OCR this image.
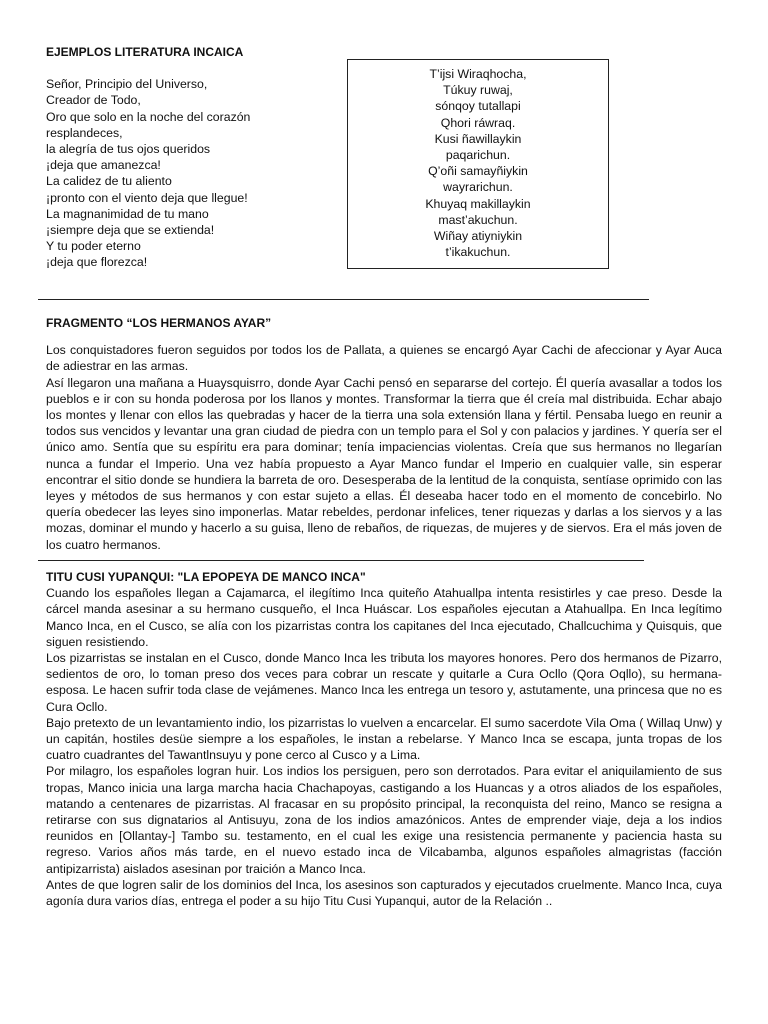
EJEMPLOS LITERATURA INCAICA

Señor, Principio del Universo,
Creador de Todo,
Oro que solo en la noche del corazón
resplandeces,
la alegría de tus ojos queridos
¡deja que amanezca!
La calidez de tu aliento
¡pronto con el viento deja que llegue!
La magnanimidad de tu mano
¡siempre deja que se extienda!
Y tu poder eterno
¡deja que florezca!
T’ijsi Wiraqhocha,
Túkuy ruwaj,
sónqoy tutallapi
Qhori ráwraq.
Kusi ñawillaykin
paqarichun.
Q’oñi samayñiykin
wayrarichun.
Khuyaq makillaykin
mast’akuchun.
Wiñay atiyniykin
t’ikakuchun.

FRAGMENTO “LOS HERMANOS AYAR”

Los conquistadores fueron seguidos por todos los de Pallata, a quienes se encargó Ayar Cachi de afeccionar y Ayar Auca de adiestrar en las armas.

Así llegaron una mañana a Huaysquisrro, donde Ayar Cachi pensó en separarse del cortejo. Él quería avasallar a todos los pueblos e ir con su honda poderosa por los llanos y montes. Transformar la tierra que él creía mal distribuida. Echar abajo los montes y llenar con ellos las quebradas y hacer de la tierra una sola extensión llana y fértil. Pensaba luego en reunir a todos sus vencidos y levantar una gran ciudad de piedra con un templo para el Sol y con palacios y jardines. Y quería ser el único amo. Sentía que su espíritu era para dominar; tenía impaciencias violentas. Creía que sus hermanos no llegarían nunca a fundar el Imperio. Una vez había propuesto a Ayar Manco fundar el Imperio en cualquier valle, sin esperar encontrar el sitio donde se hundiera la barreta de oro. Desesperaba de la lentitud de la conquista, sentíase oprimido con las leyes y métodos de sus hermanos y con estar sujeto a ellas. Él deseaba hacer todo en el momento de concebirlo. No quería obedecer las leyes sino imponerlas. Matar rebeldes, perdonar infelices, tener riquezas y darlas a los siervos y a las mozas, dominar el mundo y hacerlo a su guisa, lleno de rebaños, de riquezas, de mujeres y de siervos. Era el más joven de los cuatro hermanos.

TITU CUSI YUPANQUI: "LA EPOPEYA DE MANCO INCA"

Cuando los españoles llegan a Cajamarca, el ilegítimo Inca quiteño Atahuallpa intenta resistirles y cae preso. Desde la cárcel manda asesinar a su hermano cusqueño, el Inca Huáscar. Los españoles ejecutan a Atahuallpa. En Inca legítimo Manco Inca, en el Cusco, se alía con los pizarristas contra los capitanes del Inca ejecutado, Challcuchima y Quisquis, que siguen resistiendo.

Los pizarristas se instalan en el Cusco, donde Manco Inca les tributa los mayores honores. Pero dos hermanos de Pizarro, sedientos de oro, lo toman preso dos veces para cobrar un rescate y quitarle a Cura Ocllo (Qora Oqllo), su hermana-esposa. Le hacen sufrir toda clase de vejámenes. Manco Inca les entrega un tesoro y, astutamente, una princesa que no es Cura Ocllo.

Bajo pretexto de un levantamiento indio, los pizarristas lo vuelven a encarcelar. El sumo sacerdote Vila Oma ( Willaq Unw) y un capitán, hostiles desüe siempre a los españoles, le instan a rebelarse. Y Manco Inca se escapa, junta tropas de los cuatro cuadrantes del Tawantlnsuyu y pone cerco al Cusco y a Lima.

Por milagro, los españoles logran huir. Los indios los persiguen, pero son derrotados. Para evitar el aniquilamiento de sus tropas, Manco inicia una larga marcha hacia Chachapoyas, castigando a los Huancas y a otros aliados de los españoles, matando a centenares de pizarristas. Al fracasar en su propósito principal, la reconquista del reino, Manco se resigna a retirarse con sus dignatarios al Antisuyu, zona de los indios amazónicos. Antes de emprender viaje, deja a los indios reunidos en [Ollantay-] Tambo su. testamento, en el cual les exige una resistencia permanente y paciencia hasta su regreso. Varios años más tarde, en el nuevo estado inca de Vilcabamba, algunos españoles almagristas (facción antipizarrista) aislados asesinan por traición a Manco Inca.

Antes de que logren salir de los dominios del Inca, los asesinos son capturados y ejecutados cruelmente. Manco Inca, cuya agonía dura varios días, entrega el poder a su hijo Titu Cusi Yupanqui, autor de la Relación ..
